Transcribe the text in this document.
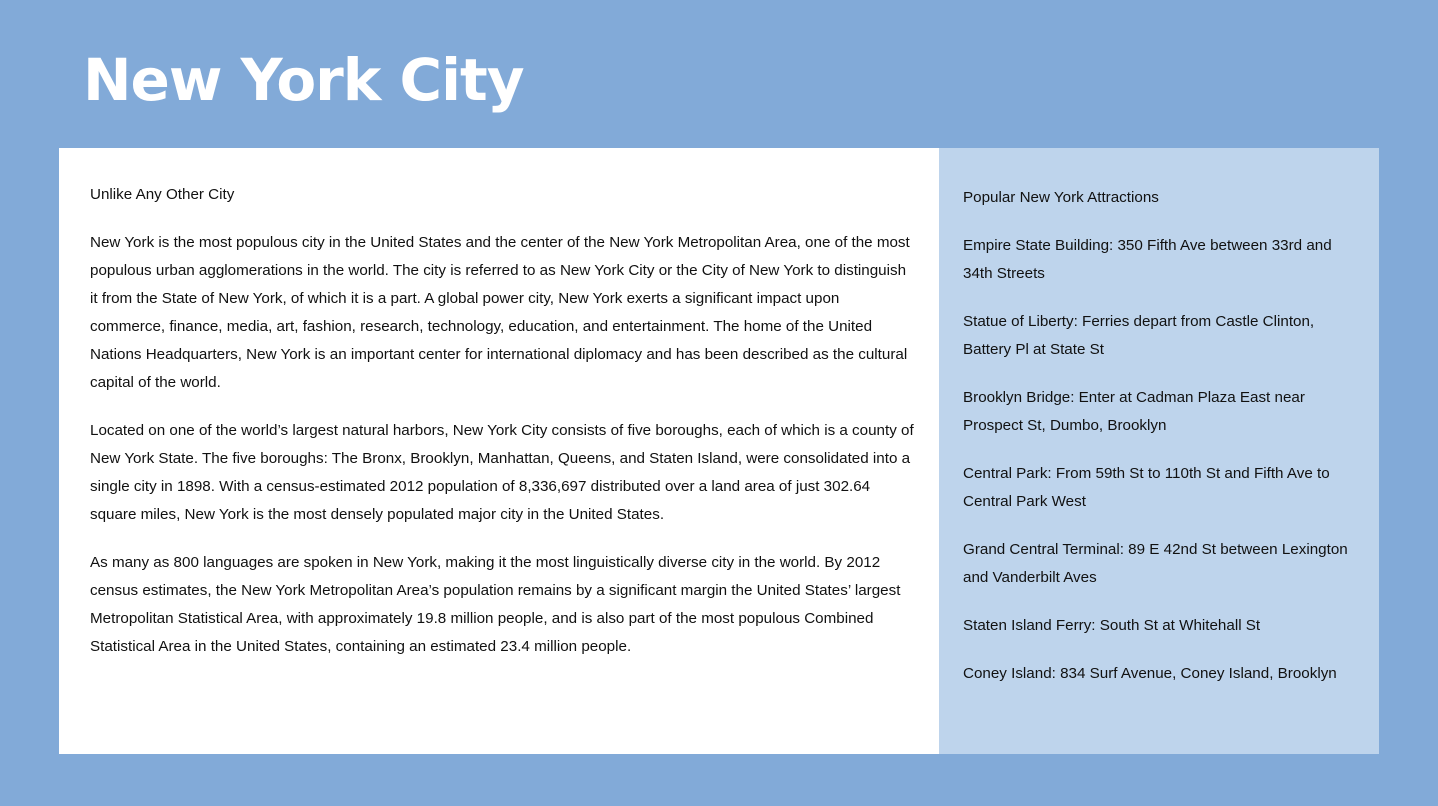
New York City

Unlike Any Other City

New York is the most populous city in the United States and the center of the New York Metropolitan Area, one of the most populous urban agglomerations in the world. The city is referred to as New York City or the City of New York to distinguish it from the State of New York, of which it is a part. A global power city, New York exerts a significant impact upon commerce, finance, media, art, fashion, research, technology, education, and entertainment. The home of the United Nations Headquarters, New York is an important center for international diplomacy and has been described as the cultural capital of the world.

Located on one of the world’s largest natural harbors, New York City consists of five boroughs, each of which is a county of New York State. The five boroughs: The Bronx, Brooklyn, Manhattan, Queens, and Staten Island, were consolidated into a single city in 1898. With a census-estimated 2012 population of 8,336,697 distributed over a land area of just 302.64 square miles, New York is the most densely populated major city in the United States.

As many as 800 languages are spoken in New York, making it the most linguistically diverse city in the world. By 2012 census estimates, the New York Metropolitan Area’s population remains by a significant margin the United States’ largest Metropolitan Statistical Area, with approximately 19.8 million people, and is also part of the most populous Combined Statistical Area in the United States, containing an estimated 23.4 million people.

Popular New York Attractions

Empire State Building: 350 Fifth Ave between 33rd and 34th Streets
Statue of Liberty: Ferries depart from Castle Clinton, Battery Pl at State St
Brooklyn Bridge: Enter at Cadman Plaza East near Prospect St, Dumbo, Brooklyn
Central Park: From 59th St to 110th St and Fifth Ave to Central Park West
Grand Central Terminal: 89 E 42nd St between Lexington and Vanderbilt Aves
Staten Island Ferry: South St at Whitehall St
Coney Island: 834 Surf Avenue, Coney Island, Brooklyn
